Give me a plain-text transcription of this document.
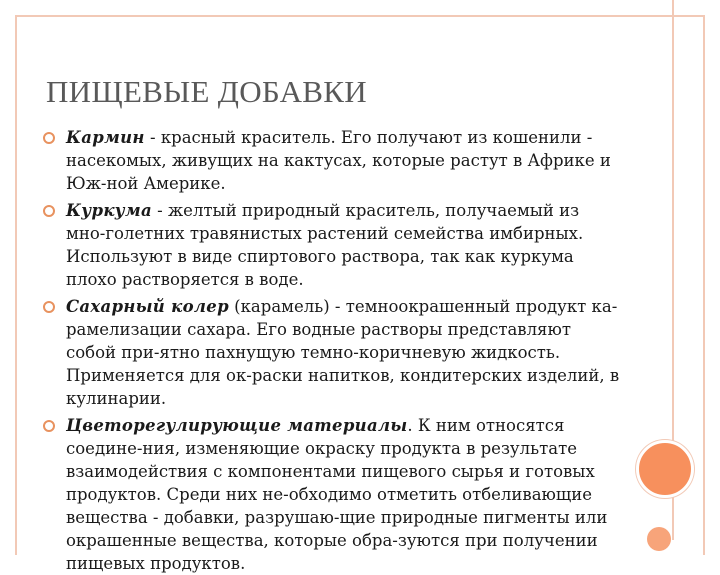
ПИЩЕВЫЕ ДОБАВКИ
Кармин - красный краситель. Его получают из кошенили - насекомых, живущих на кактусах, которые растут в Африке и Юж-ной Америке.
Куркума - желтый природный краситель, получаемый из мно-голетних травянистых растений семейства имбирных. Используют в виде спиртового раствора, так как куркума плохо растворяется в воде.
Сахарный колер (карамель) - темноокрашенный продукт ка-рамелизации сахара. Его водные растворы представляют собой при-ятно пахнущую темно-коричневую жидкость. Применяется для ок-раски напитков, кондитерских изделий, в кулинарии.
Цветорегулирующие материалы. К ним относятся соедине-ния, изменяющие окраску продукта в результате взаимодействия с компонентами пищевого сырья и готовых продуктов. Среди них не-обходимо отметить отбеливающие вещества - добавки, разрушаю-щие природные пигменты или окрашенные вещества, которые обра-зуются при получении пищевых продуктов.
